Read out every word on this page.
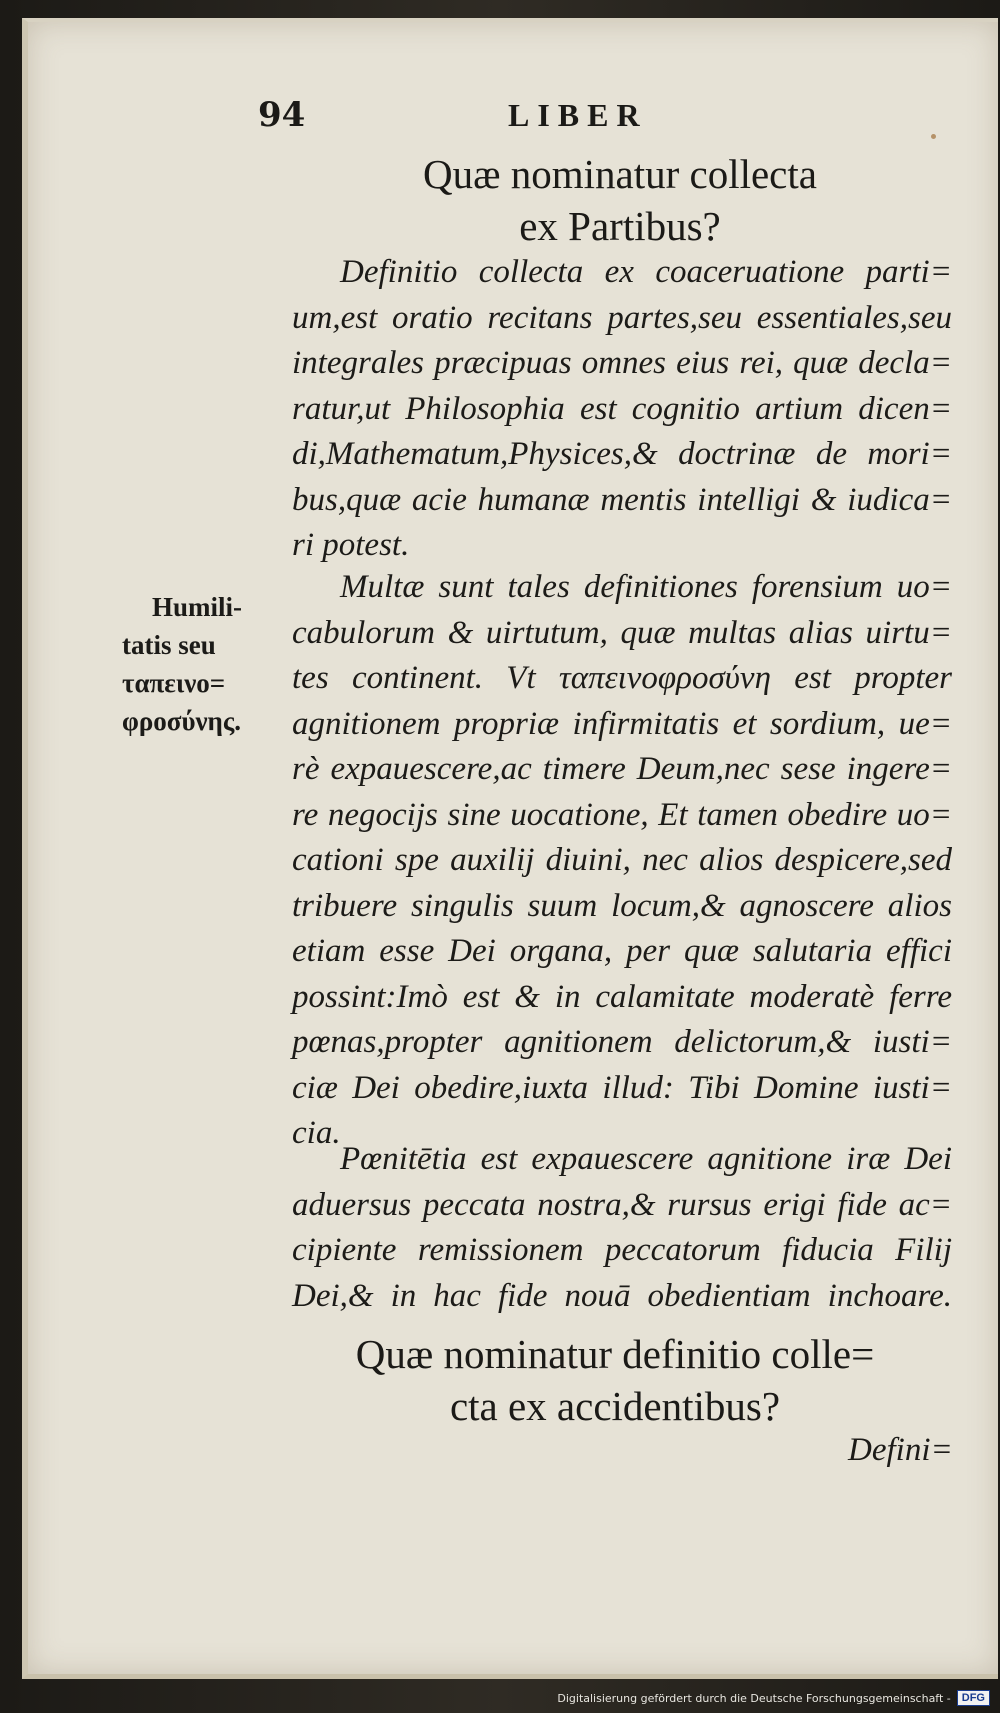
94	LIBER
Quæ nominatur collecta
ex Partibus?
Definitio collecta ex coaceruatione parti=
um,est oratio recitans partes,seu essentiales,seu
integrales præcipuas omnes eius rei, quæ decla=
ratur,ut Philosophia est cognitio artium dicen=
di,Mathematum,Physices,& doctrinæ de mori=
bus,quæ acie humanæ mentis intelligi & iudica=
ri potest.
Humili-
tatis seu
ταπεινο=
φροσύνης.
Multæ sunt tales definitiones forensium uo=
cabulorum & uirtutum, quæ multas alias uirtu=
tes continent. Vt ταπεινοφροσύνη est propter
agnitionem propriæ infirmitatis et sordium, ue=
rè expauescere,ac timere Deum,nec sese ingere=
re negocijs sine uocatione, Et tamen obedire uo=
cationi spe auxilij diuini, nec alios despicere,sed
tribuere singulis suum locum,& agnoscere alios
etiam esse Dei organa, per quæ salutaria effici
possint:Imò est & in calamitate moderatè ferre
pœnas,propter agnitionem delictorum,& iusti=
ciæ Dei obedire,iuxta illud: Tibi Domine iusti=
cia.
Pœnitētia est expauescere agnitione iræ Dei
aduersus peccata nostra,& rursus erigi fide ac=
cipiente remissionem peccatorum fiducia Filij
Dei,& in hac fide nouā obedientiam inchoare.
Quæ nominatur definitio colle=
cta ex accidentibus?
Defini=
Digitalisierung gefördert durch die Deutsche Forschungsgemeinschaft -	DFG
